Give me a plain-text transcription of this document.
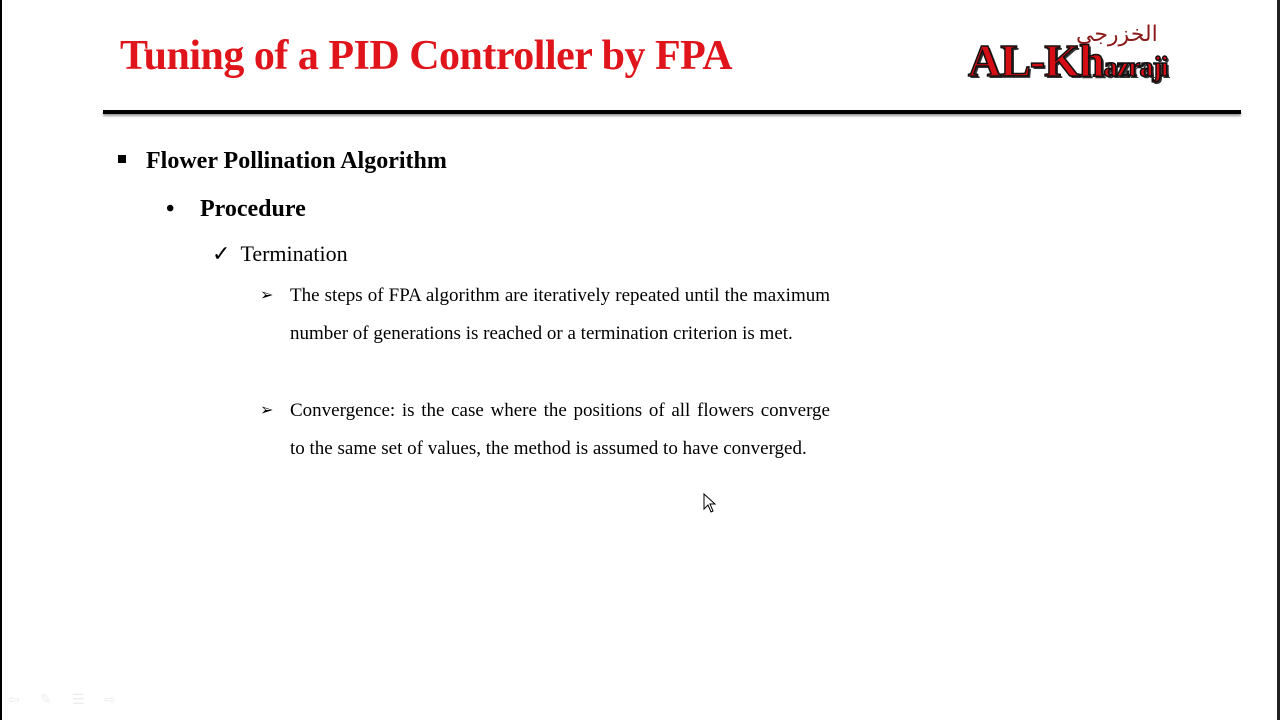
Tuning of a PID Controller by FPA	الخزرجي
AL-Khazraji
Flower Pollination Algorithm
• Procedure
✓ Termination
➢ The steps of FPA algorithm are iteratively repeated until the maximum number of generations is reached or a termination criterion is met.
➢ Convergence: is the case where the positions of all flowers converge to the same set of values, the method is assumed to have converged.
⇦	✎	☰	⇨
